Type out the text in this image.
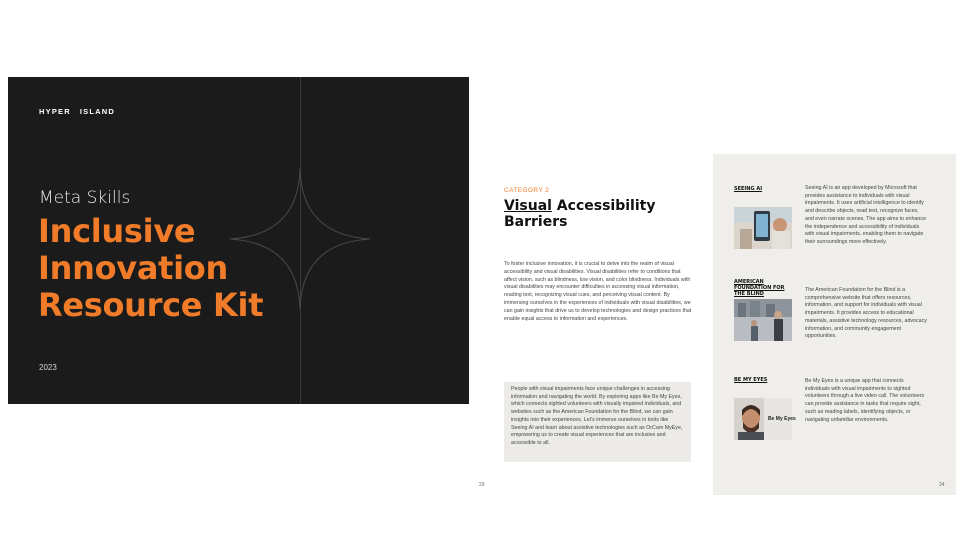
HYPER ISLAND
Meta Skills
Inclusive
Innovation
Resource Kit
2023
CATEGORY 2
Visual Accessibility Barriers
To foster inclusive innovation, it is crucial to delve into the realm of visual accessibility and visual disabilities. Visual disabilities refer to conditions that affect vision, such as blindness, low vision, and color blindness. Individuals with visual disabilities may encounter difficulties in accessing visual information, reading text, recognizing visual cues, and perceiving visual content. By immersing ourselves in the experiences of individuals with visual disabilities, we can gain insights that drive us to develop technologies and design practices that enable equal access to information and experiences.
People with visual impairments face unique challenges in accessing information and navigating the world. By exploring apps like Be My Eyes, which connects sighted volunteers with visually impaired individuals, and websites such as the American Foundation for the Blind, we can gain insights into their experiences. Let's immerse ourselves in tools like Seeing AI and learn about assistive technologies such as OrCam MyEye, empowering us to create visual experiences that are inclusive and accessible to all.
23
SEEING AI	Seeing AI is an app developed by Microsoft that provides assistance to individuals with visual impairments. It uses artificial intelligence to identify and describe objects, read text, recognize faces, and even narrate scenes. The app aims to enhance the independence and accessibility of individuals with visual impairments, enabling them to navigate their surroundings more effectively.
AMERICAN FOUNDATION FOR THE BLIND
The American Foundation for the Blind is a comprehensive website that offers resources, information, and support for individuals with visual impairments. It provides access to educational materials, assistive technology resources, advocacy information, and community engagement opportunities.
BE MY EYES
Be My Eyes
Be My Eyes is a unique app that connects individuals with visual impairments to sighted volunteers through a live video call. The volunteers can provide assistance in tasks that require sight, such as reading labels, identifying objects, or navigating unfamiliar environments.
24
